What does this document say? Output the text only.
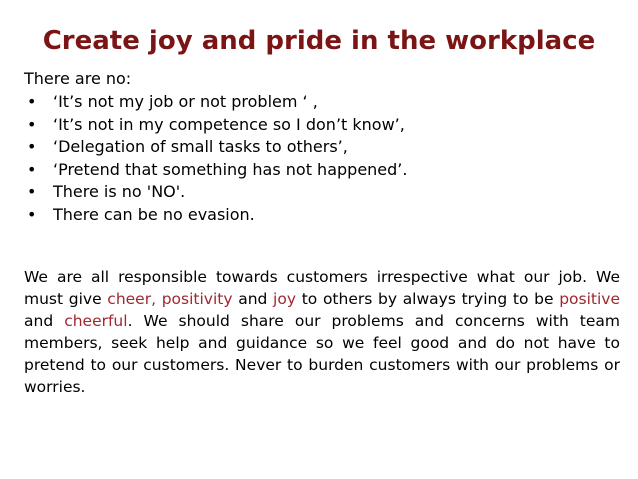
Create joy and pride in the workplace
There are no:
• ‘It’s not my job or not problem ‘ ,
• ‘It’s not in my competence so I don’t know’,
• ‘Delegation of small tasks to others’,
• ‘Pretend that something has not happened’.
• There is no 'NO'.
• There can be no evasion.

We are all responsible towards customers irrespective what our job. We must give cheer, positivity and joy to others by always trying to be positive and cheerful. We should share our problems and concerns with team members, seek help and guidance so we feel good and do not have to pretend to our customers. Never to burden customers with our problems or worries.
